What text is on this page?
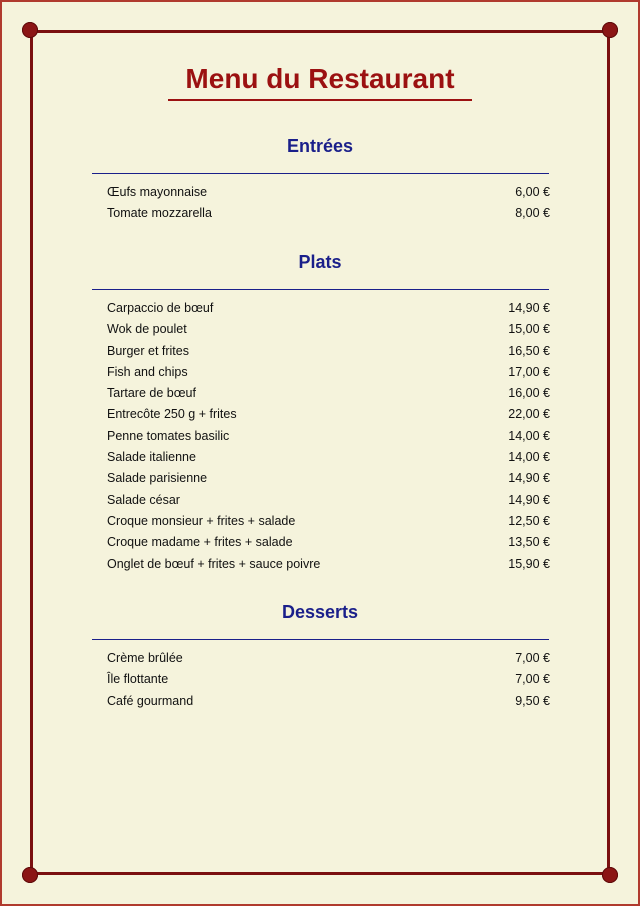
Menu du Restaurant
Entrées
Œufs mayonnaise	6,00 €
Tomate mozzarella	8,00 €
Plats
Carpaccio de bœuf	14,90 €
Wok de poulet	15,00 €
Burger et frites	16,50 €
Fish and chips	17,00 €
Tartare de bœuf	16,00 €
Entrecôte 250 g + frites	22,00 €
Penne tomates basilic	14,00 €
Salade italienne	14,00 €
Salade parisienne	14,90 €
Salade césar	14,90 €
Croque monsieur + frites + salade	12,50 €
Croque madame + frites + salade	13,50 €
Onglet de bœuf + frites + sauce poivre	15,90 €
Desserts
Crème brûlée	7,00 €
Île flottante	7,00 €
Café gourmand	9,50 €
